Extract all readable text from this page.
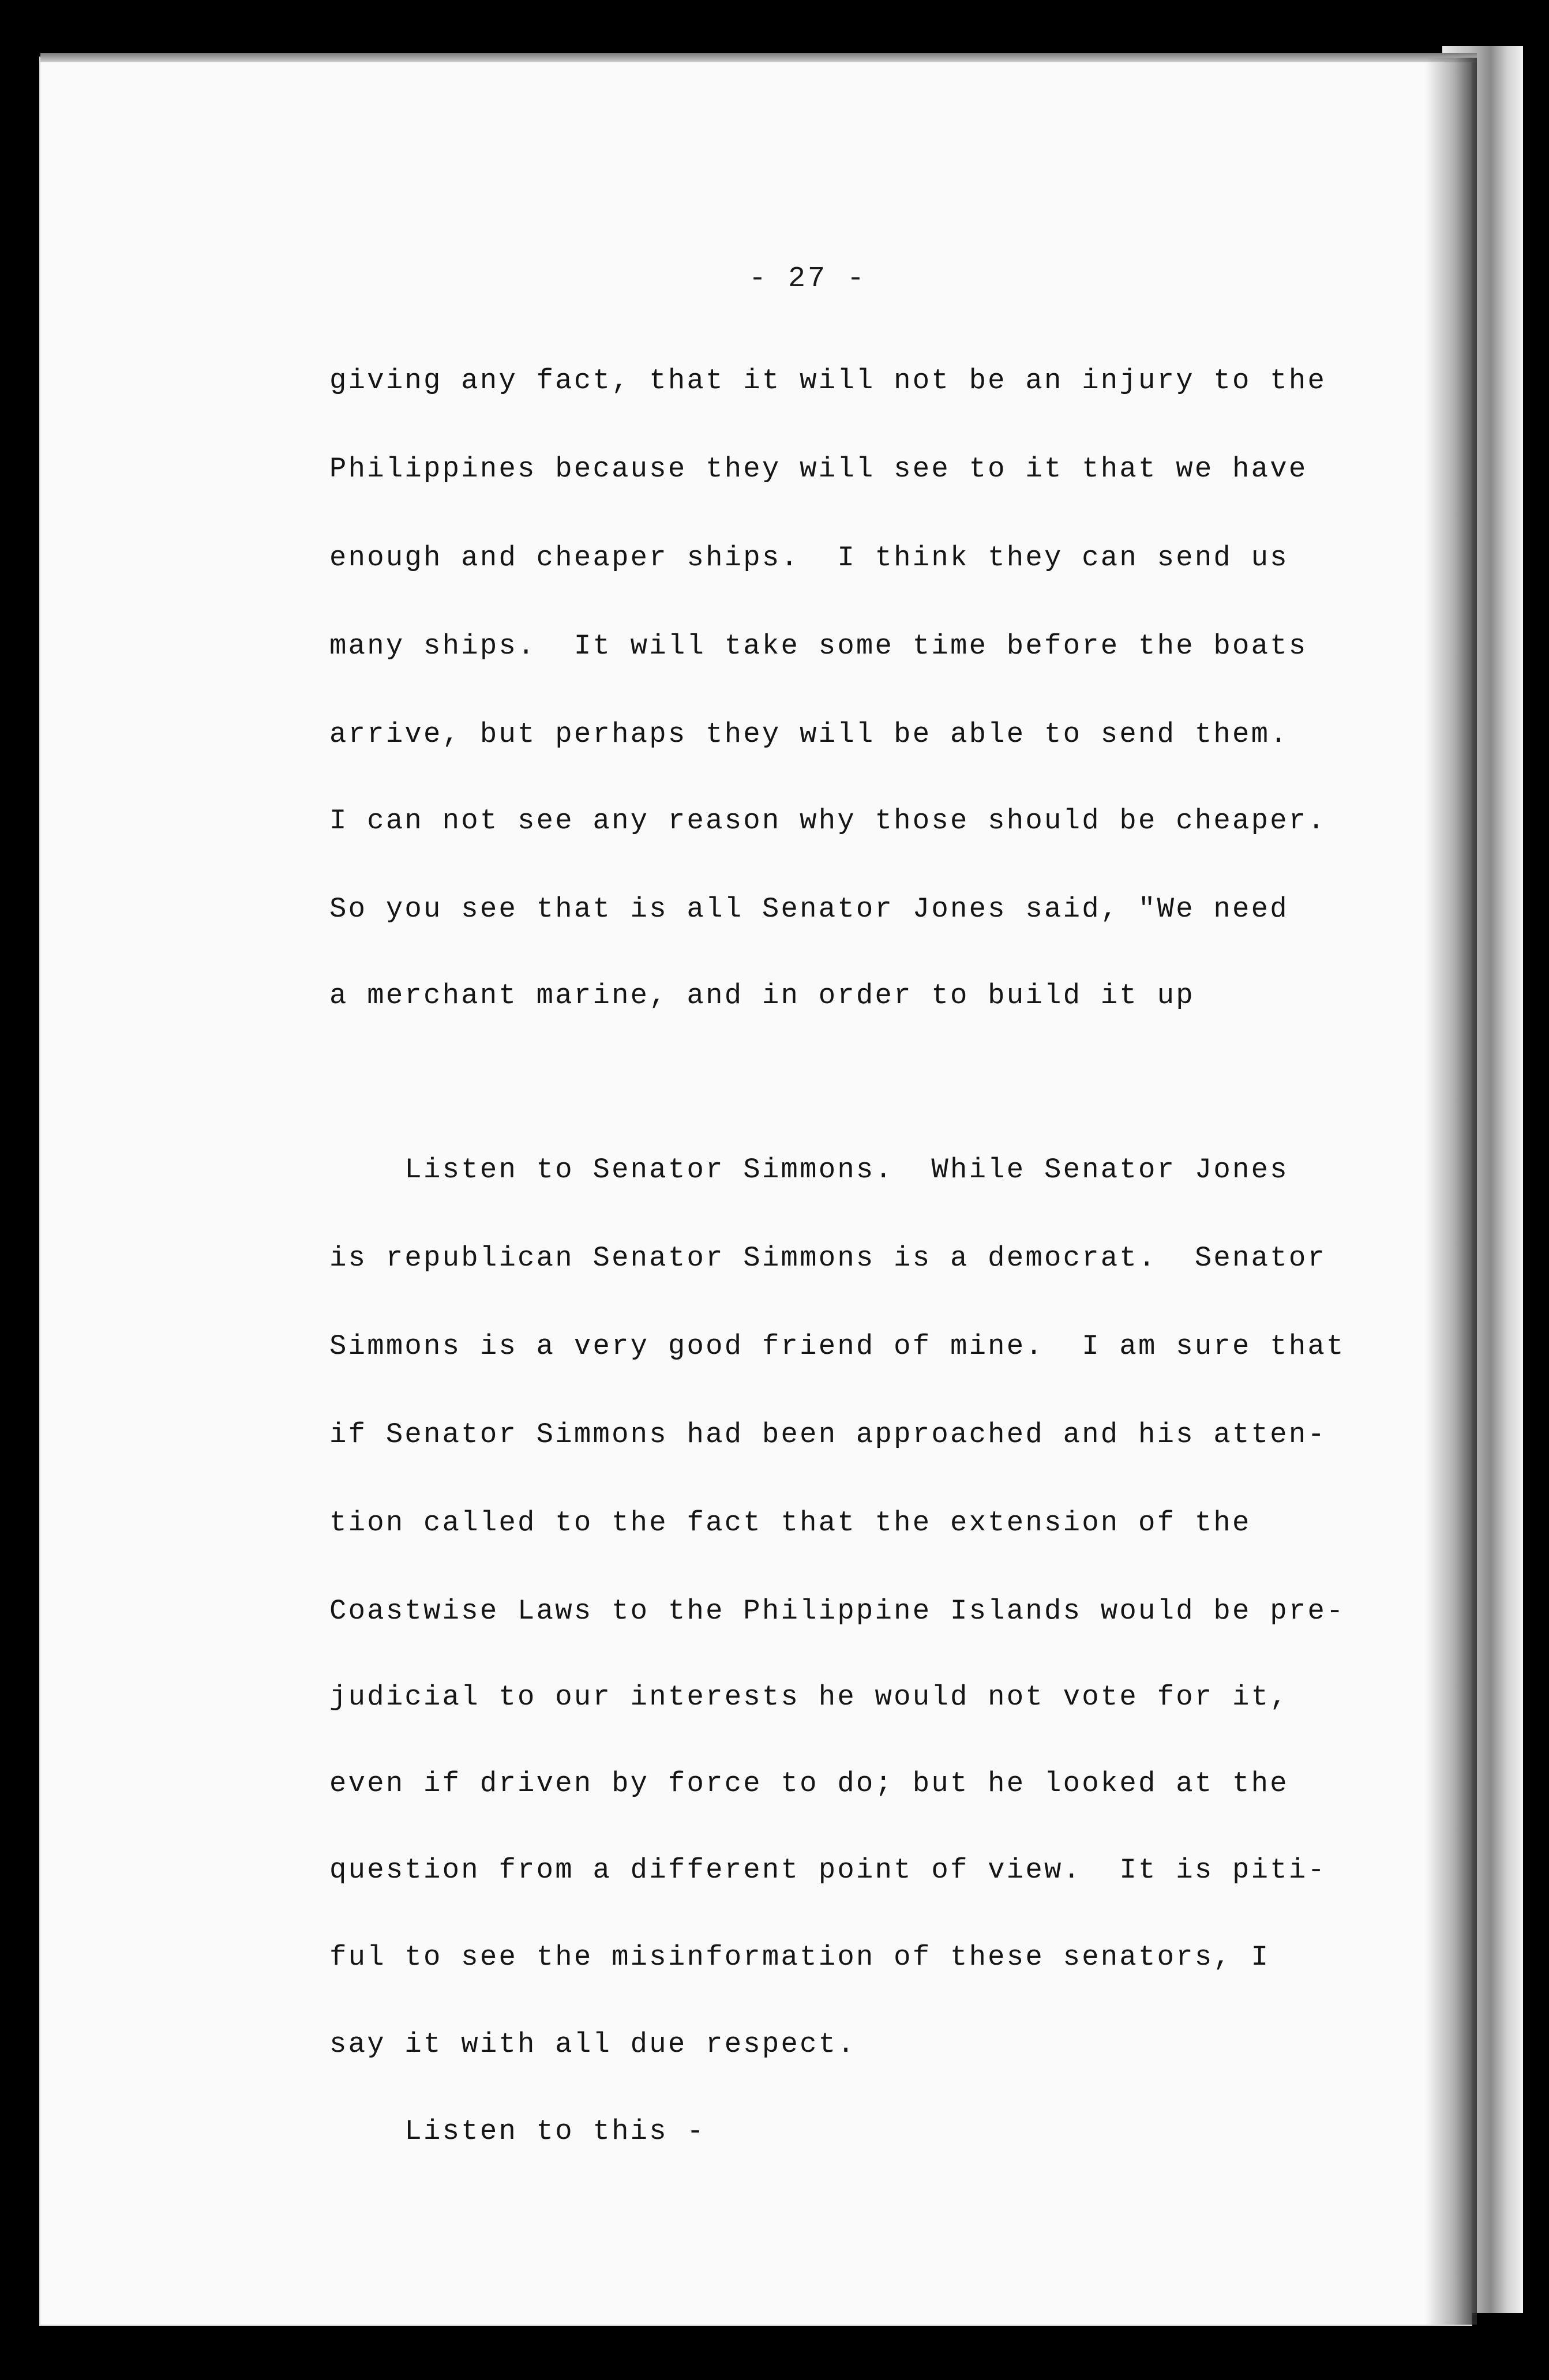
- 27 -

giving any fact, that it will not be an injury to the

Philippines because they will see to it that we have

enough and cheaper ships.  I think they can send us

many ships.  It will take some time before the boats

arrive, but perhaps they will be able to send them.

I can not see any reason why those should be cheaper.

So you see that is all Senator Jones said, "We need

a merchant marine, and in order to build it up

Listen to Senator Simmons.  While Senator Jones

is republican Senator Simmons is a democrat.  Senator

Simmons is a very good friend of mine.  I am sure that

if Senator Simmons had been approached and his atten-

tion called to the fact that the extension of the

Coastwise Laws to the Philippine Islands would be pre-

judicial to our interests he would not vote for it,

even if driven by force to do; but he looked at the

question from a different point of view.  It is piti-

ful to see the misinformation of these senators, I

say it with all due respect.

Listen to this -
